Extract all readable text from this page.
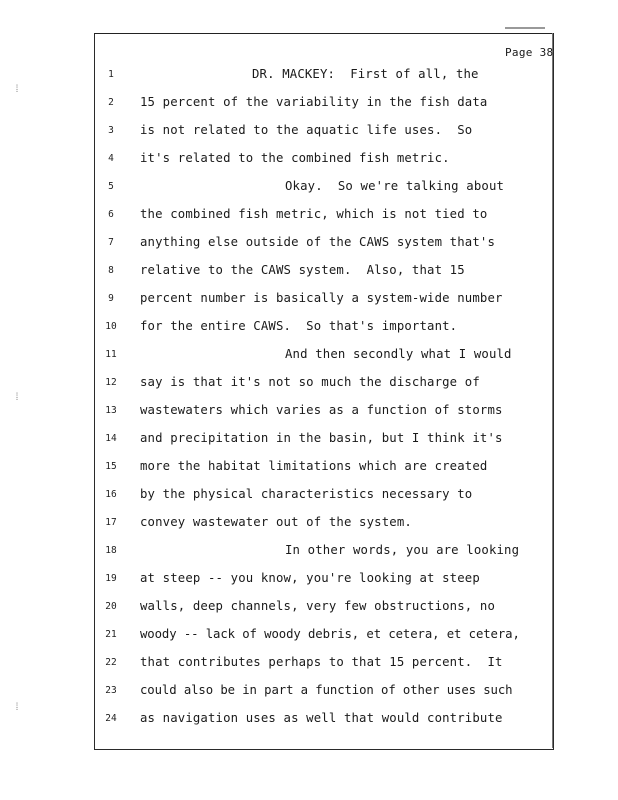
Page 38
⁞
⁞
⁞
1
2
3
4
5
6
7
8
9
10
11
12
13
14
15
16
17
18
19
20
21
22
23
24
DR. MACKEY:  First of all, the
15 percent of the variability in the fish data
is not related to the aquatic life uses.  So
it's related to the combined fish metric.
Okay.  So we're talking about
the combined fish metric, which is not tied to
anything else outside of the CAWS system that's
relative to the CAWS system.  Also, that 15
percent number is basically a system-wide number
for the entire CAWS.  So that's important.
And then secondly what I would
say is that it's not so much the discharge of
wastewaters which varies as a function of storms
and precipitation in the basin, but I think it's
more the habitat limitations which are created
by the physical characteristics necessary to
convey wastewater out of the system.
In other words, you are looking
at steep -- you know, you're looking at steep
walls, deep channels, very few obstructions, no
woody -- lack of woody debris, et cetera, et cetera,
that contributes perhaps to that 15 percent.  It
could also be in part a function of other uses such
as navigation uses as well that would contribute
